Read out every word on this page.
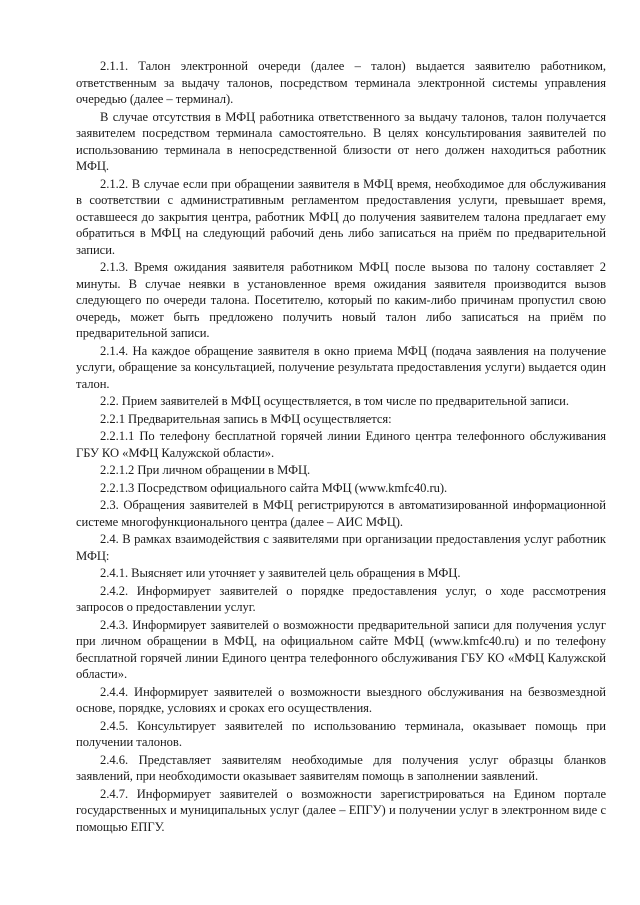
2.1.1. Талон электронной очереди (далее – талон) выдается заявителю работником, ответственным за выдачу талонов, посредством терминала электронной системы управления очередью (далее – терминал).

В случае отсутствия в МФЦ работника ответственного за выдачу талонов, талон получается заявителем посредством терминала самостоятельно. В целях консультирования заявителей по использованию терминала в непосредственной близости от него должен находиться работник МФЦ.

2.1.2. В случае если при обращении заявителя в МФЦ время, необходимое для обслуживания в соответствии с административным регламентом предоставления услуги, превышает время, оставшееся до закрытия центра, работник МФЦ до получения заявителем талона предлагает ему обратиться в МФЦ на следующий рабочий день либо записаться на приём по предварительной записи.

2.1.3. Время ожидания заявителя работником МФЦ после вызова по талону составляет 2 минуты. В случае неявки в установленное время ожидания заявителя производится вызов следующего по очереди талона. Посетителю, который по каким-либо причинам пропустил свою очередь, может быть предложено получить новый талон либо записаться на приём по предварительной записи.

2.1.4. На каждое обращение заявителя в окно приема МФЦ (подача заявления на получение услуги, обращение за консультацией, получение результата предоставления услуги) выдается один талон.

2.2. Прием заявителей в МФЦ осуществляется, в том числе по предварительной записи.

2.2.1 Предварительная запись в МФЦ осуществляется:

2.2.1.1 По телефону бесплатной горячей линии Единого центра телефонного обслуживания ГБУ КО «МФЦ Калужской области».

2.2.1.2 При личном обращении в МФЦ.

2.2.1.3 Посредством официального сайта МФЦ (www.kmfc40.ru).

2.3. Обращения заявителей в МФЦ регистрируются в автоматизированной информационной системе многофункционального центра (далее – АИС МФЦ).

2.4. В рамках взаимодействия с заявителями при организации предоставления услуг работник МФЦ:

2.4.1. Выясняет или уточняет у заявителей цель обращения в МФЦ.

2.4.2. Информирует заявителей о порядке предоставления услуг, о ходе рассмотрения запросов о предоставлении услуг.

2.4.3. Информирует заявителей о возможности предварительной записи для получения услуг при личном обращении в МФЦ, на официальном сайте МФЦ (www.kmfc40.ru) и по телефону бесплатной горячей линии Единого центра телефонного обслуживания ГБУ КО «МФЦ Калужской области».

2.4.4. Информирует заявителей о возможности выездного обслуживания на безвозмездной основе, порядке, условиях и сроках его осуществления.

2.4.5. Консультирует заявителей по использованию терминала, оказывает помощь при получении талонов.

2.4.6. Представляет заявителям необходимые для получения услуг образцы бланков заявлений, при необходимости оказывает заявителям помощь в заполнении заявлений.

2.4.7. Информирует заявителей о возможности зарегистрироваться на Едином портале государственных и муниципальных услуг (далее – ЕПГУ) и получении услуг в электронном виде с помощью ЕПГУ.
